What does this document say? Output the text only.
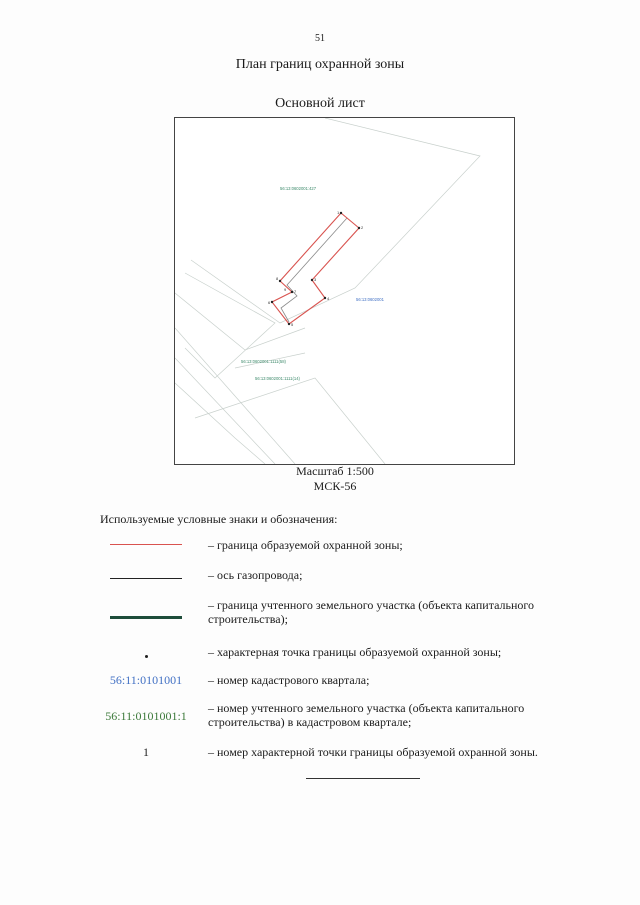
51
План границ охранной зоны
Основной лист
1
2
3
4
5
6
7
8
9
56:13:0602001:427
56:13:0602001
56:13:0602001:1111(58)
56:13:0602001:1111(14)
Масштаб 1:500
МСК-56
Используемые условные знаки и обозначения:
– граница образуемой охранной зоны;
– ось газопровода;
– граница учтенного земельного участка (объекта капитального строительства);
– характерная точка границы образуемой охранной зоны;
56:11:0101001 – номер кадастрового квартала;
56:11:0101001:1
– номер учтенного земельного участка (объекта капитального строительства) в кадастровом квартале;
1	– номер характерной точки границы образуемой охранной зоны.
